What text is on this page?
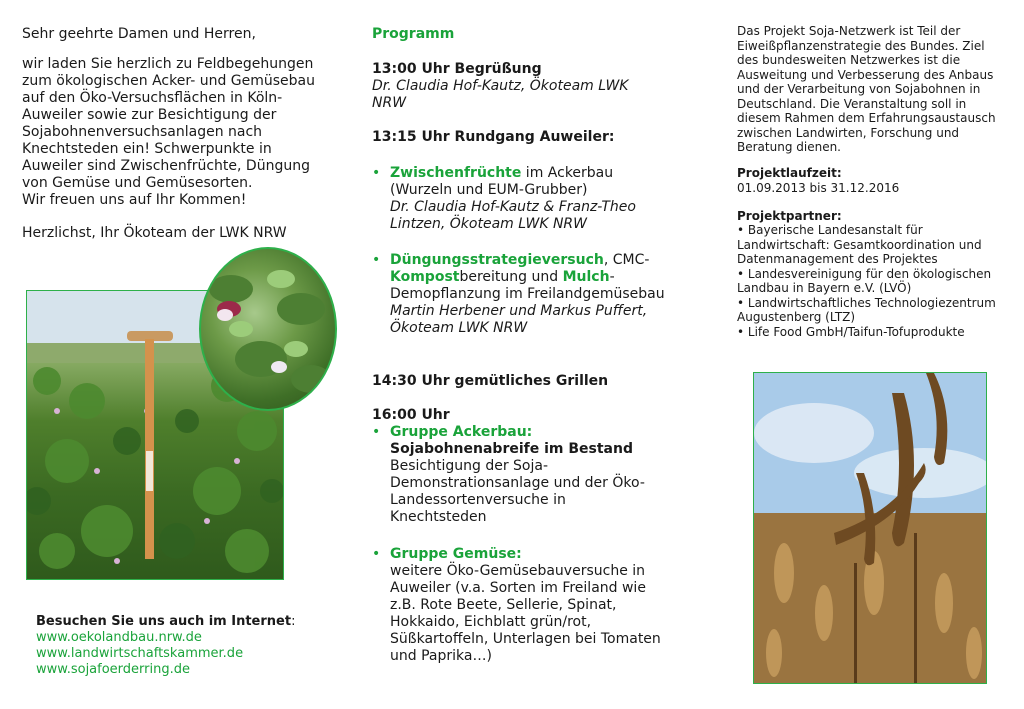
Sehr geehrte Damen und Herren,

wir laden Sie herzlich zu Feldbegehungen
zum ökologischen Acker- und Gemüsebau
auf den Öko-Versuchsflächen in Köln-
Auweiler sowie zur Besichtigung der
Sojabohnenversuchsanlagen nach
Knechtsteden ein! Schwerpunkte in
Auweiler sind Zwischenfrüchte, Düngung
von Gemüse und Gemüsesorten.
Wir freuen uns auf Ihr Kommen!

Herzlichst, Ihr Ökoteam der LWK NRW

Besuchen Sie uns auch im Internet:
www.oekolandbau.nrw.de
www.landwirtschaftskammer.de
www.sojafoerderring.de
Programm
13:00 Uhr Begrüßung
Dr. Claudia Hof-Kautz, Ökoteam LWK
NRW
13:15 Uhr Rundgang Auweiler:
• Zwischenfrüchte im Ackerbau
(Wurzeln und EUM-Grubber)
Dr. Claudia Hof-Kautz & Franz-Theo
Lintzen, Ökoteam LWK NRW
• Düngungsstrategieversuch, CMC-
Kompostbereitung und Mulch-
Demopflanzung im Freilandgemüsebau
Martin Herbener und Markus Puffert,
Ökoteam LWK NRW
14:30 Uhr gemütliches Grillen
16:00 Uhr
• Gruppe Ackerbau:
Sojabohnenabreife im Bestand
Besichtigung der Soja-
Demonstrationsanlage und der Öko-
Landessortenversuche in
Knechtsteden
• Gruppe Gemüse:
weitere Öko-Gemüsebauversuche in
Auweiler (v.a. Sorten im Freiland wie
z.B. Rote Beete, Sellerie, Spinat,
Hokkaido, Eichblatt grün/rot,
Süßkartoffeln, Unterlagen bei Tomaten
und Paprika…)
Das Projekt Soja-Netzwerk ist Teil der
Eiweißpflanzenstrategie des Bundes. Ziel
des bundesweiten Netzwerkes ist die
Ausweitung und Verbesserung des Anbaus
und der Verarbeitung von Sojabohnen in
Deutschland. Die Veranstaltung soll in
diesem Rahmen dem Erfahrungsaustausch
zwischen Landwirten, Forschung und
Beratung dienen.
Projektlaufzeit:
01.09.2013 bis 31.12.2016
Projektpartner:
• Bayerische Landesanstalt für
Landwirtschaft: Gesamtkoordination und
Datenmanagement des Projektes
• Landesvereinigung für den ökologischen
Landbau in Bayern e.V. (LVÖ)
• Landwirtschaftliches Technologiezentrum
Augustenberg (LTZ)
• Life Food GmbH/Taifun-Tofuprodukte
